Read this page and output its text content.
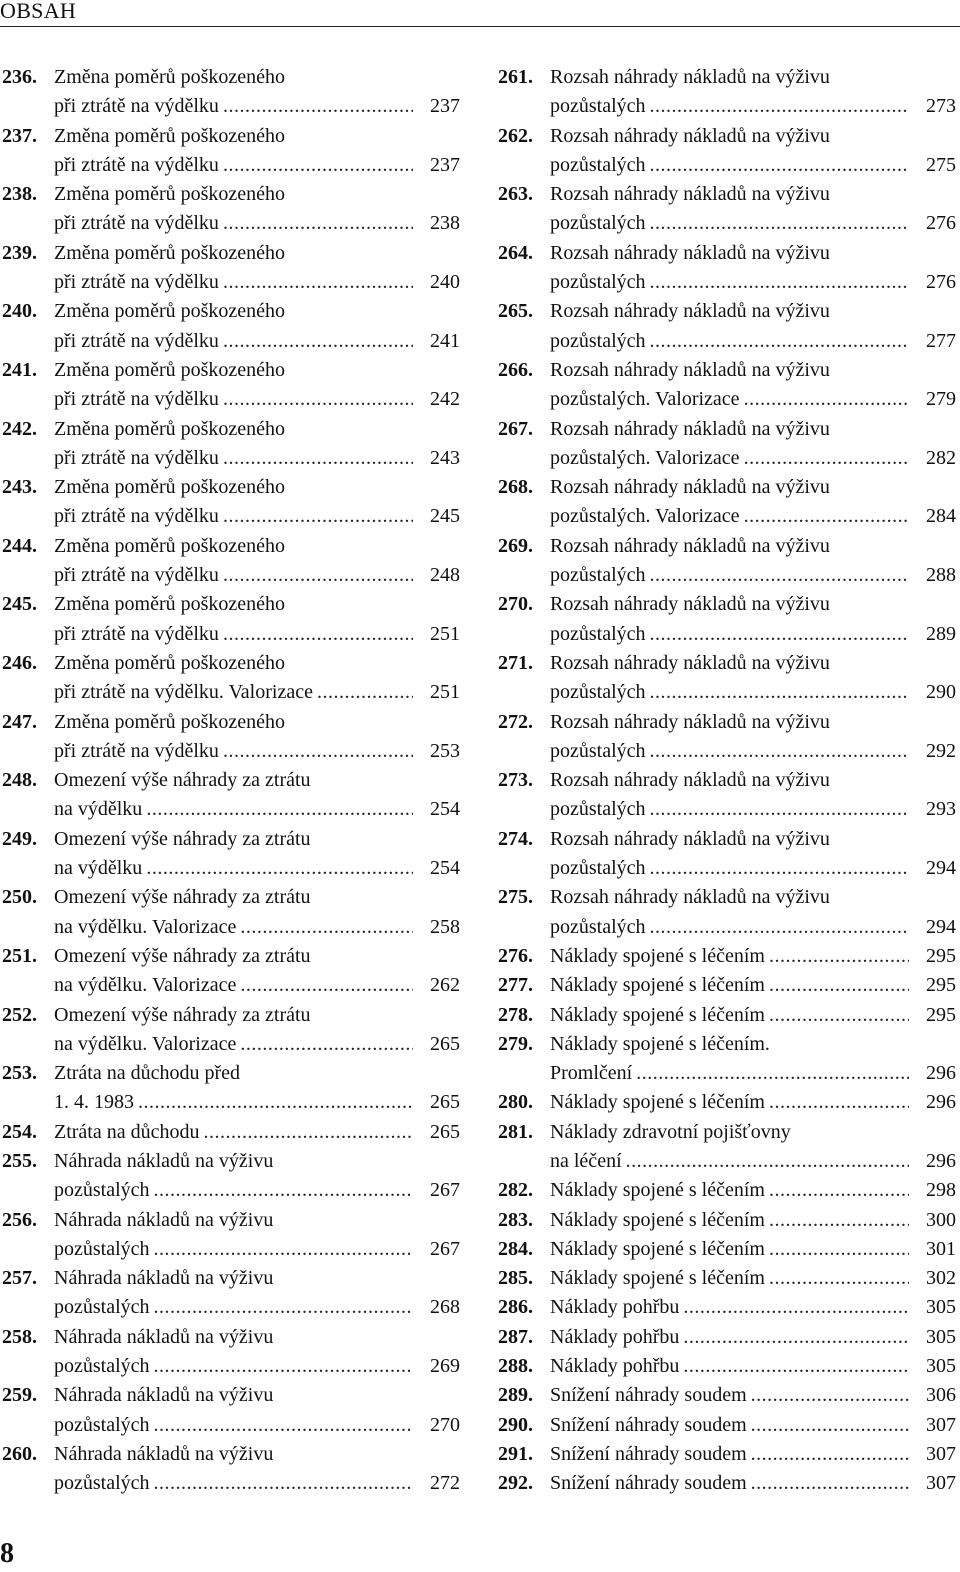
OBSAH
236. Změna poměrů poškozeného
při ztrátě na výdělku .....	237
237. Změna poměrů poškozeného
při ztrátě na výdělku .....	237
238. Změna poměrů poškozeného
při ztrátě na výdělku .....	238
239. Změna poměrů poškozeného
při ztrátě na výdělku .....	240
240. Změna poměrů poškozeného
při ztrátě na výdělku .....	241
241. Změna poměrů poškozeného
při ztrátě na výdělku .....	242
242. Změna poměrů poškozeného
při ztrátě na výdělku .....	243
243. Změna poměrů poškozeného
při ztrátě na výdělku .....	245
244. Změna poměrů poškozeného
při ztrátě na výdělku .....	248
245. Změna poměrů poškozeného
při ztrátě na výdělku .....	251
246. Změna poměrů poškozeného
při ztrátě na výdělku. Valorizace .....	251
247. Změna poměrů poškozeného
při ztrátě na výdělku .....	253
248. Omezení výše náhrady za ztrátu
na výdělku .....	254
249. Omezení výše náhrady za ztrátu
na výdělku .....	254
250. Omezení výše náhrady za ztrátu
na výdělku. Valorizace .....	258
251. Omezení výše náhrady za ztrátu
na výdělku. Valorizace .....	262
252. Omezení výše náhrady za ztrátu
na výdělku. Valorizace .....	265
253. Ztráta na důchodu před
1. 4. 1983 .....	265
254. Ztráta na důchodu .....	265
255. Náhrada nákladů na výživu
pozůstalých .....	267
256. Náhrada nákladů na výživu
pozůstalých .....	267
257. Náhrada nákladů na výživu
pozůstalých .....	268
258. Náhrada nákladů na výživu
pozůstalých .....	269
259. Náhrada nákladů na výživu
pozůstalých .....	270
260. Náhrada nákladů na výživu
pozůstalých .....	272
261. Rozsah náhrady nákladů na výživu
pozůstalých .....	273
262. Rozsah náhrady nákladů na výživu
pozůstalých .....	275
263. Rozsah náhrady nákladů na výživu
pozůstalých .....	276
264. Rozsah náhrady nákladů na výživu
pozůstalých .....	276
265. Rozsah náhrady nákladů na výživu
pozůstalých .....	277
266. Rozsah náhrady nákladů na výživu
pozůstalých. Valorizace .....	279
267. Rozsah náhrady nákladů na výživu
pozůstalých. Valorizace .....	282
268. Rozsah náhrady nákladů na výživu
pozůstalých. Valorizace .....	284
269. Rozsah náhrady nákladů na výživu
pozůstalých .....	288
270. Rozsah náhrady nákladů na výživu
pozůstalých .....	289
271. Rozsah náhrady nákladů na výživu
pozůstalých .....	290
272. Rozsah náhrady nákladů na výživu
pozůstalých .....	292
273. Rozsah náhrady nákladů na výživu
pozůstalých .....	293
274. Rozsah náhrady nákladů na výživu
pozůstalých .....	294
275. Rozsah náhrady nákladů na výživu
pozůstalých .....	294
276. Náklady spojené s léčením .....	295
277. Náklady spojené s léčením .....	295
278. Náklady spojené s léčením .....	295
279. Náklady spojené s léčením.
Promlčení .....	296
280. Náklady spojené s léčením .....	296
281. Náklady zdravotní pojišťovny
na léčení .....	296
282. Náklady spojené s léčením .....	298
283. Náklady spojené s léčením .....	300
284. Náklady spojené s léčením .....	301
285. Náklady spojené s léčením .....	302
286. Náklady pohřbu .....	305
287. Náklady pohřbu .....	305
288. Náklady pohřbu .....	305
289. Snížení náhrady soudem .....	306
290. Snížení náhrady soudem .....	307
291. Snížení náhrady soudem .....	307
292. Snížení náhrady soudem .....	307
8
